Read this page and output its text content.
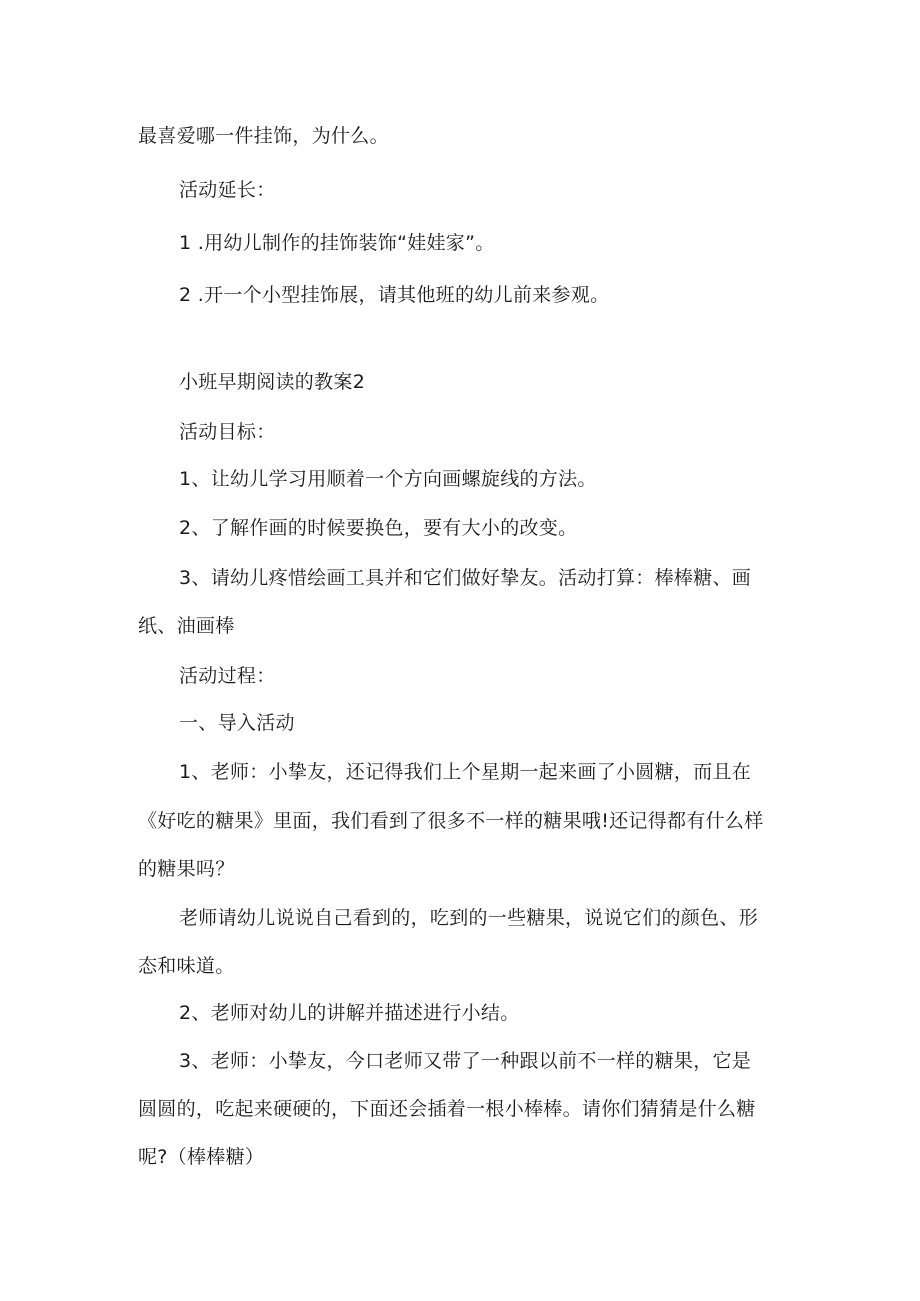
最喜爱哪一件挂饰，为什么。
活动延长：
1 .用幼儿制作的挂饰装饰“娃娃家”。
2 .开一个小型挂饰展，请其他班的幼儿前来参观。
小班早期阅读的教案2
活动目标：
1、让幼儿学习用顺着一个方向画螺旋线的方法。
2、了解作画的时候要换色，要有大小的改变。
3、请幼儿疼惜绘画工具并和它们做好挚友。活动打算：棒棒糖、画
纸、油画棒
活动过程：
一、导入活动
1、老师：小挚友，还记得我们上个星期一起来画了小圆糖，而且在
《好吃的糖果》里面，我们看到了很多不一样的糖果哦!还记得都有什么样
的糖果吗？
老师请幼儿说说自己看到的，吃到的一些糖果，说说它们的颜色、形
态和味道。
2、老师对幼儿的讲解并描述进行小结。
3、老师：小挚友，今口老师又带了一种跟以前不一样的糖果，它是
圆圆的，吃起来硬硬的，下面还会插着一根小棒棒。请你们猜猜是什么糖
呢?（棒棒糖）
